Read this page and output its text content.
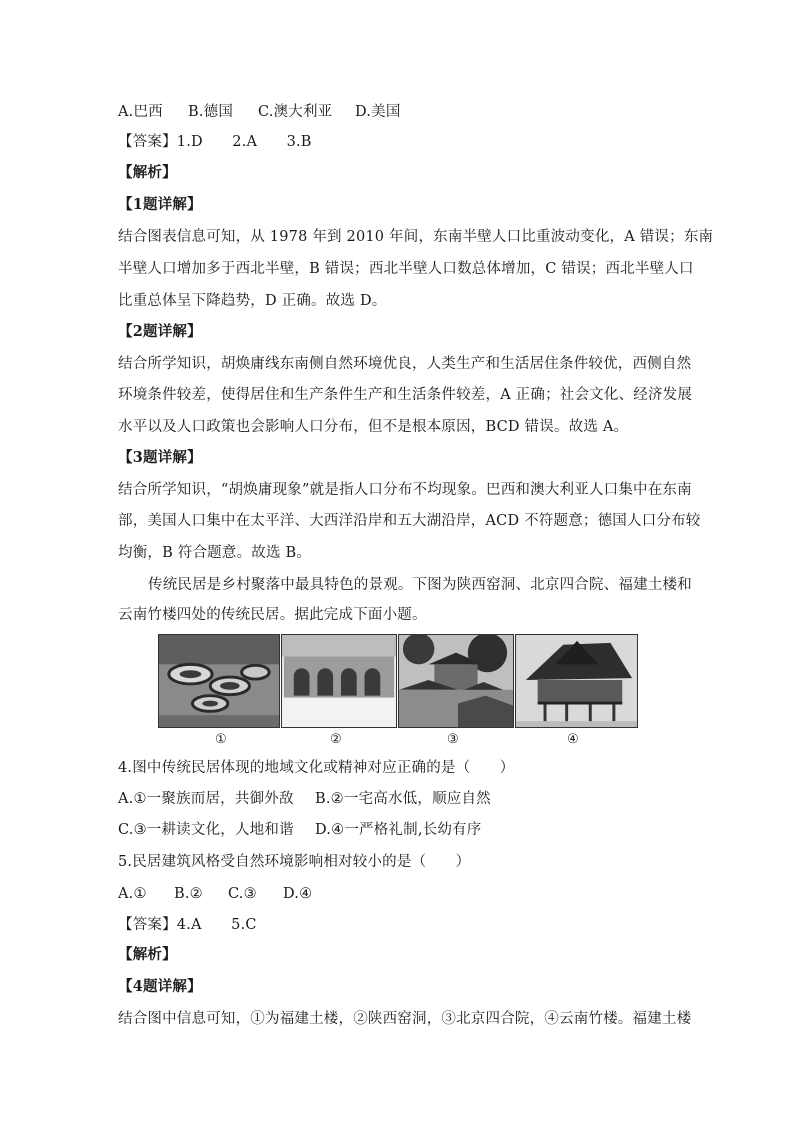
A.巴西 B.德国 C.澳大利亚 D.美国
【答案】1.D　　2.A　　3.B
【解析】
【1题详解】
结合图表信息可知，从 1978 年到 2010 年间，东南半壁人口比重波动变化，A 错误；东南
半壁人口增加多于西北半壁，B 错误；西北半壁人口数总体增加，C 错误；西北半壁人口
比重总体呈下降趋势，D 正确。故选 D。
【2题详解】
结合所学知识，胡焕庸线东南侧自然环境优良，人类生产和生活居住条件较优，西侧自然
环境条件较差，使得居住和生产条件生产和生活条件较差，A 正确；社会文化、经济发展
水平以及人口政策也会影响人口分布，但不是根本原因，BCD 错误。故选 A。
【3题详解】
结合所学知识，“胡焕庸现象”就是指人口分布不均现象。巴西和澳大利亚人口集中在东南
部，美国人口集中在太平洋、大西洋沿岸和五大湖沿岸，ACD 不符题意；德国人口分布较
均衡，B 符合题意。故选 B。
传统民居是乡村聚落中最具特色的景观。下图为陕西窑洞、北京四合院、福建土楼和
云南竹楼四处的传统民居。据此完成下面小题。
①	②	③	④
4.图中传统民居体现的地域文化或精神对应正确的是（　　）
A.①一聚族而居，共御外敌 B.②一宅高水低，顺应自然
C.③一耕读文化，人地和谐 D.④一严格礼制,长幼有序
5.民居建筑风格受自然环境影响相对较小的是（　　）
A.① B.② C.③ D.④
【答案】4.A　　5.C
【解析】
【4题详解】
结合图中信息可知，①为福建土楼，②陕西窑洞，③北京四合院，④云南竹楼。福建土楼
